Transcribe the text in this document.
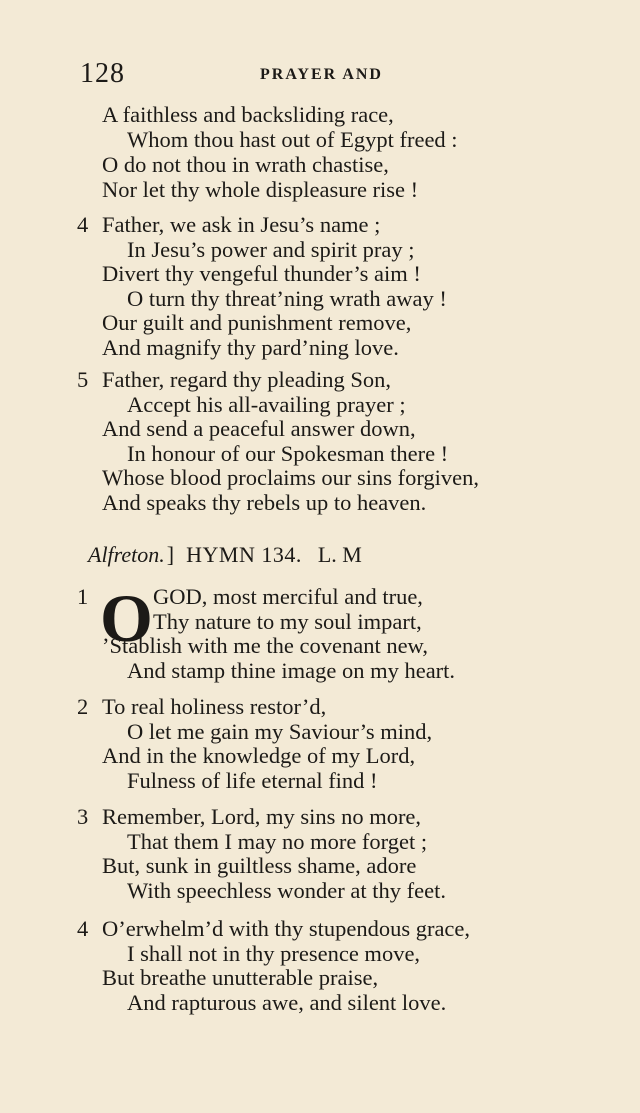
128	PRAYER AND
A faithless and backsliding race,
Whom thou hast out of Egypt freed :
O do not thou in wrath chastise,
Nor let thy whole displeasure rise !
4 Father, we ask in Jesu’s name ;
In Jesu’s power and spirit pray ;
Divert thy vengeful thunder’s aim !
O turn thy threat’ning wrath away !
Our guilt and punishment remove,
And magnify thy pard’ning love.
5 Father, regard thy pleading Son,
Accept his all-availing prayer ;
And send a peaceful answer down,
In honour of our Spokesman there !
Whose blood proclaims our sins forgiven,
And speaks thy rebels up to heaven.
Alfreton.] HYMN 134. L. M
1 O GOD, most merciful and true,
Thy nature to my soul impart,
’Stablish with me the covenant new,
And stamp thine image on my heart.
2 To real holiness restor’d,
O let me gain my Saviour’s mind,
And in the knowledge of my Lord,
Fulness of life eternal find !
3 Remember, Lord, my sins no more,
That them I may no more forget ;
But, sunk in guiltless shame, adore
With speechless wonder at thy feet.
4 O’erwhelm’d with thy stupendous grace,
I shall not in thy presence move,
But breathe unutterable praise,
And rapturous awe, and silent love.
